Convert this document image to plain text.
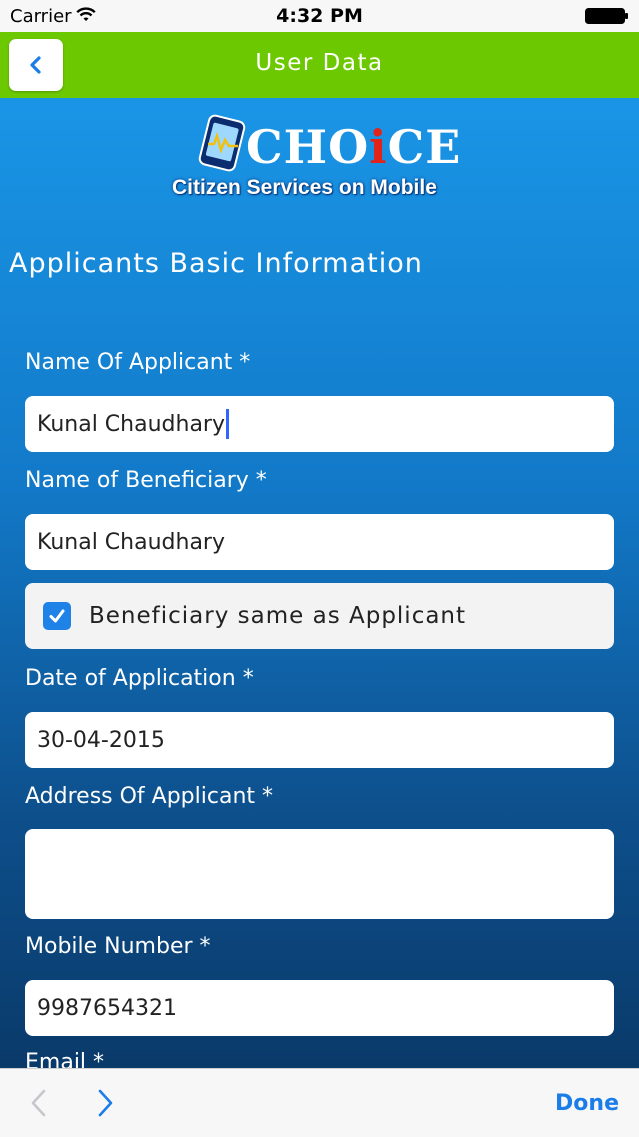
Carrier	4:32 PM
User Data
CHOiCE
Citizen Services on Mobile
Applicants Basic Information
Name Of Applicant *
Kunal Chaudhary
Name of Beneficiary *
Kunal Chaudhary
Beneficiary same as Applicant
Date of Application *
30-04-2015
Address Of Applicant *
Mobile Number *
9987654321
Email *
Done
